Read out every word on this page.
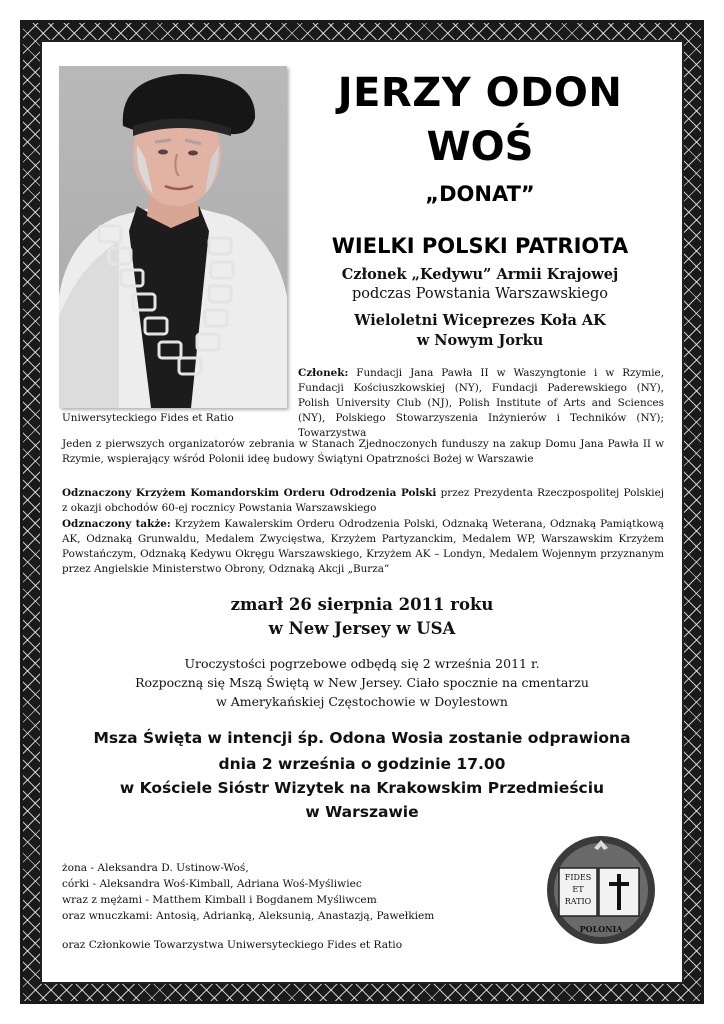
JERZY ODON
WOŚ
„DONAT”
WIELKI POLSKI PATRIOTA
Członek „Kedywu” Armii Krajowej
podczas Powstania Warszawskiego
Wieloletni Wiceprezes Koła AK
w Nowym Jorku
Członek: Fundacji Jana Pawła II w Waszyngtonie i w Rzymie, Fundacji Kościuszkowskiej (NY), Fundacji Paderewskiego (NY), Polish University Club (NJ), Polish Institute of Arts and Sciences (NY), Polskiego Stowarzyszenia Inżynierów i Techników (NY); Towarzystwa
Uniwersyteckiego Fides et Ratio
Jeden z pierwszych organizatorów zebrania w Stanach Zjednoczonych funduszy na zakup Domu Jana Pawła II w Rzymie, wspierający wśród Polonii ideę budowy Świątyni Opatrzności Bożej w Warszawie
Odznaczony Krzyżem Komandorskim Orderu Odrodzenia Polski przez Prezydenta Rzeczpospolitej Polskiej z okazji obchodów 60-ej rocznicy Powstania Warszawskiego
Odznaczony także: Krzyżem Kawalerskim Orderu Odrodzenia Polski, Odznaką Weterana, Odznaką Pamiątkową AK, Odznaką Grunwaldu, Medalem Zwycięstwa, Krzyżem Partyzanckim, Medalem WP, Warszawskim Krzyżem Powstańczym, Odznaką Kedywu Okręgu Warszawskiego, Krzyżem AK – Londyn, Medalem Wojennym przyznanym przez Angielskie Ministerstwo Obrony, Odznaką Akcji „Burza”
zmarł 26 sierpnia 2011 roku
w New Jersey w USA
Uroczystości pogrzebowe odbędą się 2 września 2011 r.
Rozpoczną się Mszą Świętą w New Jersey. Ciało spocznie na cmentarzu
w Amerykańskiej Częstochowie w Doylestown
Msza Święta w intencji śp. Odona Wosia zostanie odprawiona
dnia 2 września o godzinie 17.00
w Kościele Sióstr Wizytek na Krakowskim Przedmieściu
w Warszawie
żona - Aleksandra D. Ustinow-Woś,
córki - Aleksandra Woś-Kimball, Adriana Woś-Myśliwiec
wraz z mężami - Matthem Kimball i Bogdanem Myśliwcem
oraz wnuczkami: Antosią, Adrianką, Aleksunią, Anastazją, Pawełkiem
oraz Członkowie Towarzystwa Uniwersyteckiego Fides et Ratio
FIDES
ET
RATIO
POLONIA
